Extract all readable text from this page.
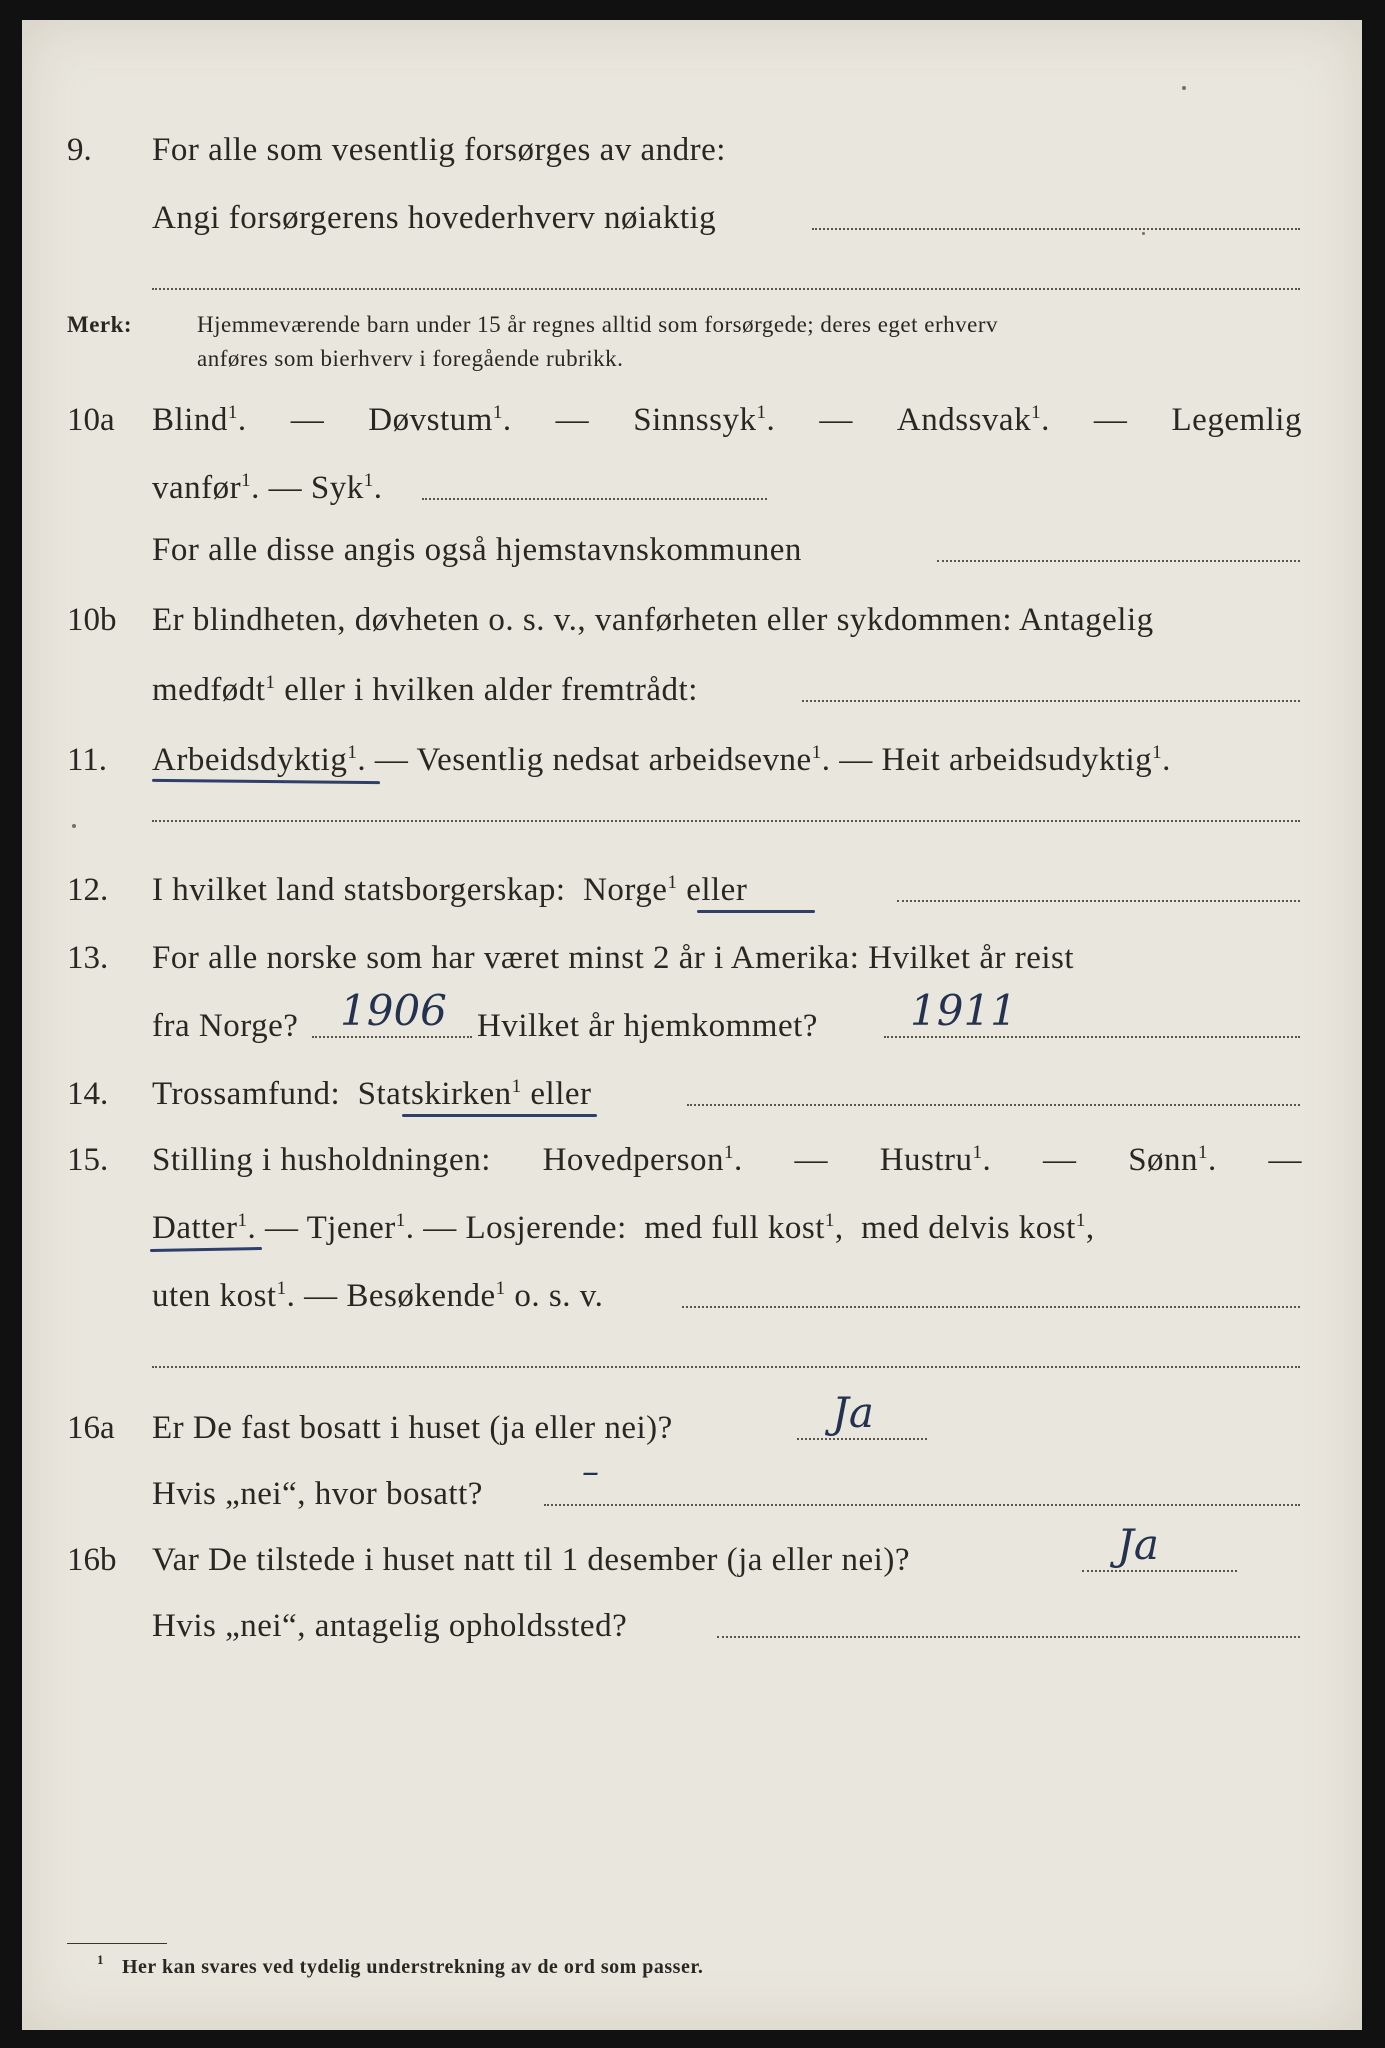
9. For alle som vesentlig forsørges av andre:
Angi forsørgerens hovederhverv nøiaktig
Merk:	Hjemmeværende barn under 15 år regnes alltid som forsørgede; deres eget erhverv
anføres som bierhverv i foregående rubrikk.
10a Blind$^1$. — Døvstum$^1$. — Sinnssyk$^1$. — Andssvak$^1$. — Legemlig
vanfør$^1$. — Syk$^1$.
For alle disse angis også hjemstavnskommunen
10b Er blindheten, døvheten o. s. v., vanførheten eller sykdommen: Antagelig
medfødt$^1$ eller i hvilken alder fremtrådt:
11. Arbeidsdyktig$^1$. — Vesentlig nedsat arbeidsevne$^1$. — Heit arbeidsudyktig$^1$.
12. I hvilket land statsborgerskap: Norge$^1$ eller
13. For alle norske som har været minst 2 år i Amerika: Hvilket år reist
fra Norge? 1906 Hvilket år hjemkommet? 1911
14. Trossamfund: Statskirken$^1$ eller
15. Stilling i husholdningen: Hovedperson$^1$. — Hustru$^1$. — Sønn$^1$. —
Datter$^1$. — Tjener$^1$. — Losjerende: med full kost$^1$,  med delvis kost$^1$,
uten kost$^1$. — Besøkende$^1$ o. s. v.
16a Er De fast bosatt i huset (ja eller nei)?	Ja
Hvis „nei“, hvor bosatt?
–
16b Var De tilstede i huset natt til 1 desember (ja eller nei)?	Ja
Hvis „nei“, antagelig opholdssted?
1 Her kan svares ved tydelig understrekning av de ord som passer.
